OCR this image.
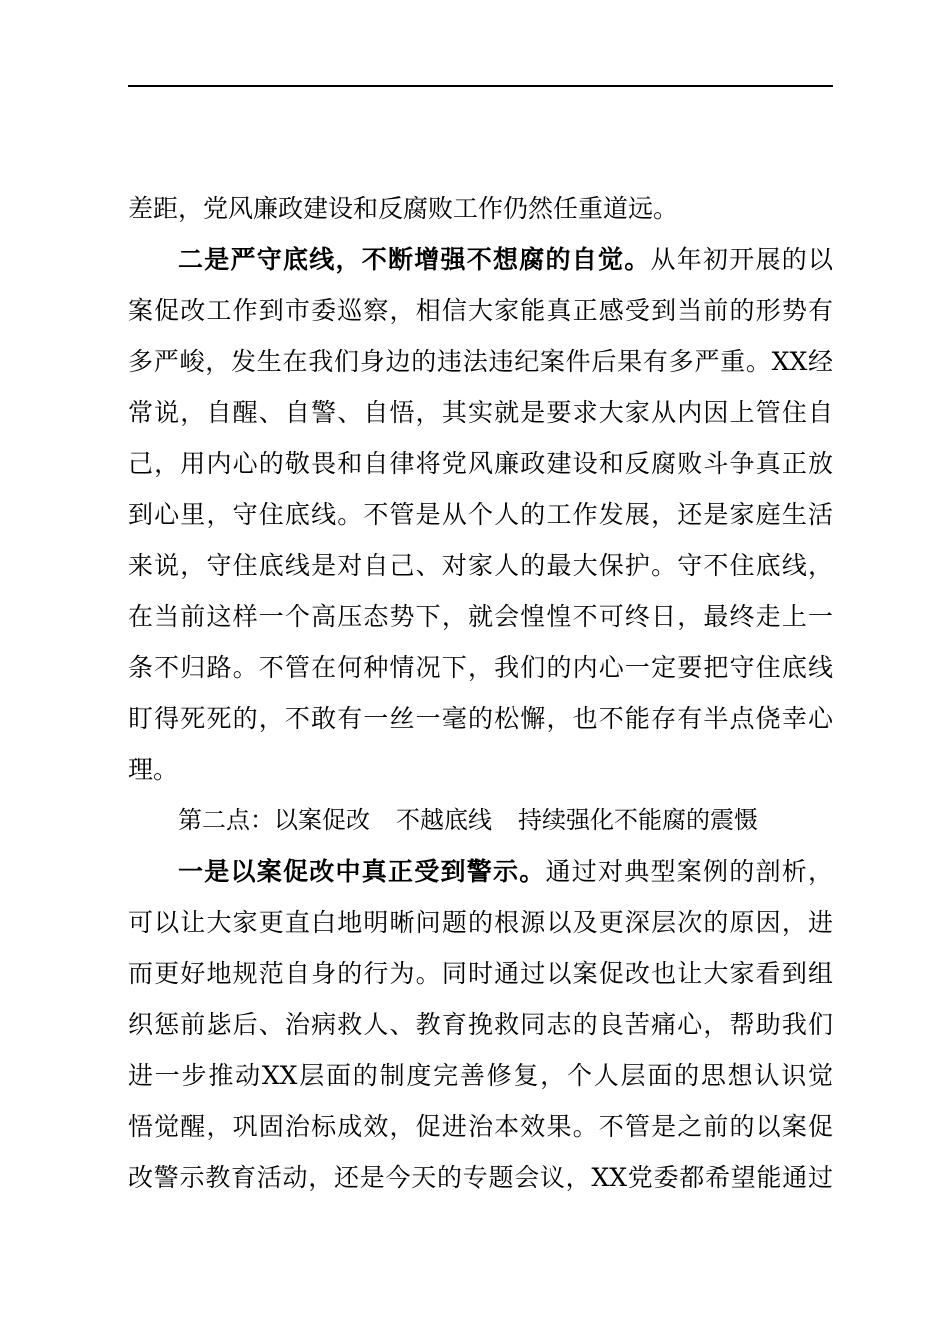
差距，党风廉政建设和反腐败工作仍然任重道远。
二是严守底线，不断增强不想腐的自觉。从年初开展的以
案促改工作到市委巡察，相信大家能真正感受到当前的形势有
多严峻，发生在我们身边的违法违纪案件后果有多严重。XX经
常说，自醒、自警、自悟，其实就是要求大家从内因上管住自
己，用内心的敬畏和自律将党风廉政建设和反腐败斗争真正放
到心里，守住底线。不管是从个人的工作发展，还是家庭生活
来说，守住底线是对自己、对家人的最大保护。守不住底线，
在当前这样一个高压态势下，就会惶惶不可终日，最终走上一
条不归路。不管在何种情况下，我们的内心一定要把守住底线
盯得死死的，不敢有一丝一毫的松懈，也不能存有半点侥幸心
理。
第二点：以案促改 不越底线 持续强化不能腐的震慑
一是以案促改中真正受到警示。通过对典型案例的剖析，
可以让大家更直白地明晰问题的根源以及更深层次的原因，进
而更好地规范自身的行为。同时通过以案促改也让大家看到组
织惩前毖后、治病救人、教育挽救同志的良苦痛心，帮助我们
进一步推动XX层面的制度完善修复，个人层面的思想认识觉
悟觉醒，巩固治标成效，促进治本效果。不管是之前的以案促
改警示教育活动，还是今天的专题会议，XX党委都希望能通过
